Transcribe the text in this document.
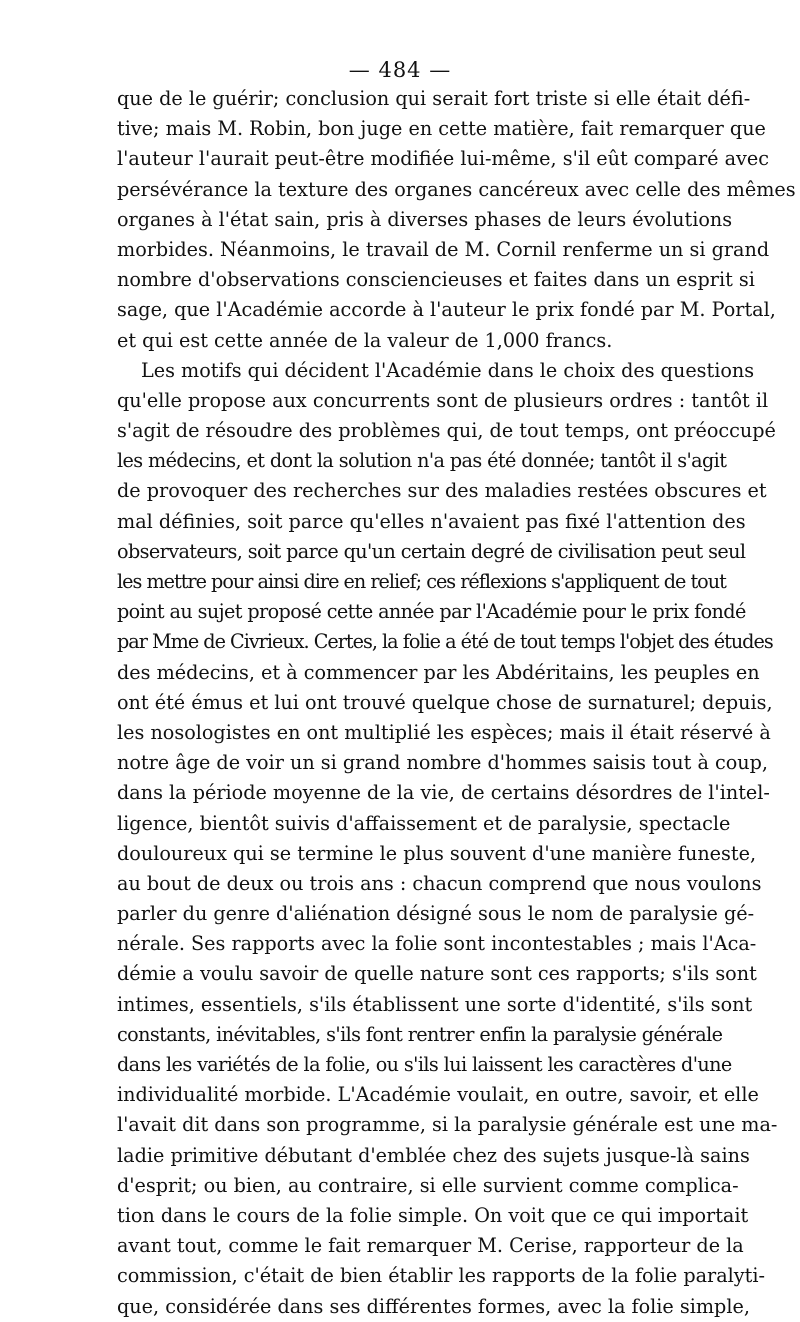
— 484 —
que de le guérir; conclusion qui serait fort triste si elle était défi-
tive; mais M. Robin, bon juge en cette matière, fait remarquer que
l'auteur l'aurait peut-être modifiée lui-même, s'il eût comparé avec
persévérance la texture des organes cancéreux avec celle des mêmes
organes à l'état sain, pris à diverses phases de leurs évolutions
morbides. Néanmoins, le travail de M. Cornil renferme un si grand
nombre d'observations consciencieuses et faites dans un esprit si
sage, que l'Académie accorde à l'auteur le prix fondé par M. Portal,
et qui est cette année de la valeur de 1,000 francs.
Les motifs qui décident l'Académie dans le choix des questions
qu'elle propose aux concurrents sont de plusieurs ordres : tantôt il
s'agit de résoudre des problèmes qui, de tout temps, ont préoccupé
les médecins, et dont la solution n'a pas été donnée; tantôt il s'agit
de provoquer des recherches sur des maladies restées obscures et
mal définies, soit parce qu'elles n'avaient pas fixé l'attention des
observateurs, soit parce qu'un certain degré de civilisation peut seul
les mettre pour ainsi dire en relief; ces réflexions s'appliquent de tout
point au sujet proposé cette année par l'Académie pour le prix fondé
par Mme de Civrieux. Certes, la folie a été de tout temps l'objet des études
des médecins, et à commencer par les Abdéritains, les peuples en
ont été émus et lui ont trouvé quelque chose de surnaturel; depuis,
les nosologistes en ont multiplié les espèces; mais il était réservé à
notre âge de voir un si grand nombre d'hommes saisis tout à coup,
dans la période moyenne de la vie, de certains désordres de l'intel-
ligence, bientôt suivis d'affaissement et de paralysie, spectacle
douloureux qui se termine le plus souvent d'une manière funeste,
au bout de deux ou trois ans : chacun comprend que nous voulons
parler du genre d'aliénation désigné sous le nom de paralysie gé-
nérale. Ses rapports avec la folie sont incontestables ; mais l'Aca-
démie a voulu savoir de quelle nature sont ces rapports; s'ils sont
intimes, essentiels, s'ils établissent une sorte d'identité, s'ils sont
constants, inévitables, s'ils font rentrer enfin la paralysie générale
dans les variétés de la folie, ou s'ils lui laissent les caractères d'une
individualité morbide. L'Académie voulait, en outre, savoir, et elle
l'avait dit dans son programme, si la paralysie générale est une ma-
ladie primitive débutant d'emblée chez des sujets jusque-là sains
d'esprit; ou bien, au contraire, si elle survient comme complica-
tion dans le cours de la folie simple. On voit que ce qui importait
avant tout, comme le fait remarquer M. Cerise, rapporteur de la
commission, c'était de bien établir les rapports de la folie paralyti-
que, considérée dans ses différentes formes, avec la folie simple,
